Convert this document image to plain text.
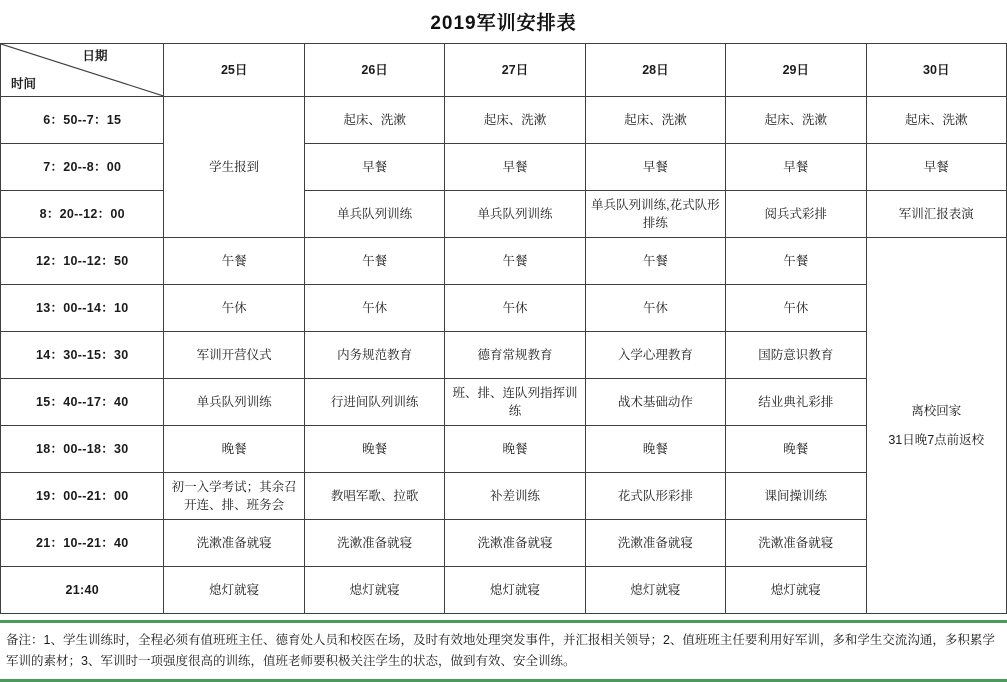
2019军训安排表
日期
时间	25日	26日	27日	28日	29日	30日
6：50--7：15	学生报到	起床、洗漱	起床、洗漱	起床、洗漱	起床、洗漱	起床、洗漱
7：20--8：00		早餐	早餐	早餐	早餐	早餐
8：20--12：00		单兵队列训练	单兵队列训练	单兵队列训练,花式队形排练	阅兵式彩排	军训汇报表演
12：10--12：50	午餐	午餐	午餐	午餐	午餐	离校回家
31日晚7点前返校

13：00--14：10	午休	午休	午休	午休	午休	
14：30--15：30	军训开营仪式	内务规范教育	德育常规教育	入学心理教育	国防意识教育	
15：40--17：40	单兵队列训练	行进间队列训练	班、排、连队列指挥训练	战术基础动作	结业典礼彩排	
18：00--18：30	晚餐	晚餐	晚餐	晚餐	晚餐	
19：00--21：00	初一入学考试；其余召开连、排、班务会	教唱军歌、拉歌	补差训练	花式队形彩排	课间操训练	
21：10--21：40	洗漱准备就寝	洗漱准备就寝	洗漱准备就寝	洗漱准备就寝	洗漱准备就寝	
21:40	熄灯就寝	熄灯就寝	熄灯就寝	熄灯就寝	熄灯就寝	

备注：1、学生训练时，全程必须有值班班主任、德育处人员和校医在场，及时有效地处理突发事件，并汇报相关领导；2、值班班主任要利用好军训，多和学生交流沟通，多积累学军训的素材；3、军训时一项强度很高的训练，值班老师要积极关注学生的状态，做到有效、安全训练。
